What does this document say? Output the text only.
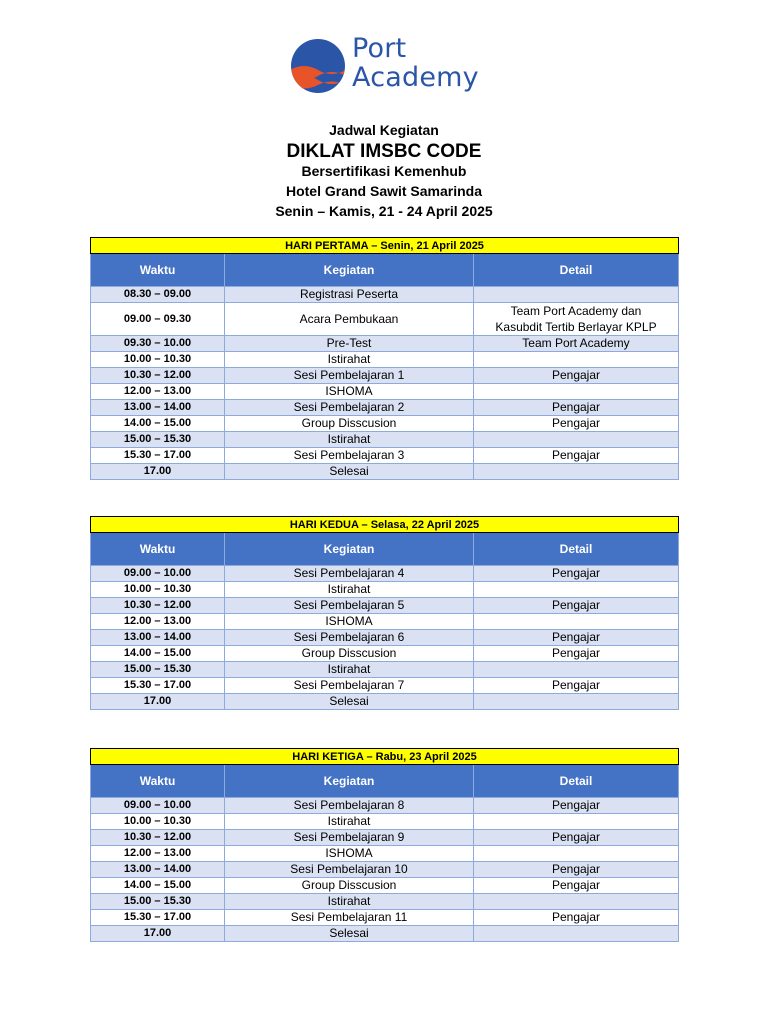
Port
Academy
Jadwal Kegiatan
DIKLAT IMSBC CODE
Bersertifikasi Kemenhub
Hotel Grand Sawit Samarinda
Senin – Kamis, 21 - 24 April 2025
HARI PERTAMA – Senin, 21 April 2025		
Waktu	Kegiatan	Detail
08.30 – 09.00	Registrasi Peserta	
09.00 – 09.30	Acara Pembukaan	Team Port Academy dan
Kasubdit Tertib Berlayar KPLP

09.30 – 10.00	Pre-Test	Team Port Academy
10.00 – 10.30	Istirahat	
10.30 – 12.00	Sesi Pembelajaran 1	Pengajar
12.00 – 13.00	ISHOMA	
13.00 – 14.00	Sesi Pembelajaran 2	Pengajar
14.00 – 15.00	Group Disscusion	Pengajar
15.00 – 15.30	Istirahat	
15.30 – 17.00	Sesi Pembelajaran 3	Pengajar
17.00	Selesai	
HARI KEDUA – Selasa, 22 April 2025		
Waktu	Kegiatan	Detail
09.00 – 10.00	Sesi Pembelajaran 4	Pengajar
10.00 – 10.30	Istirahat	
10.30 – 12.00	Sesi Pembelajaran 5	Pengajar
12.00 – 13.00	ISHOMA	
13.00 – 14.00	Sesi Pembelajaran 6	Pengajar
14.00 – 15.00	Group Disscusion	Pengajar
15.00 – 15.30	Istirahat	
15.30 – 17.00	Sesi Pembelajaran 7	Pengajar
17.00	Selesai	
HARI KETIGA – Rabu, 23 April 2025		
Waktu	Kegiatan	Detail
09.00 – 10.00	Sesi Pembelajaran 8	Pengajar
10.00 – 10.30	Istirahat	
10.30 – 12.00	Sesi Pembelajaran 9	Pengajar
12.00 – 13.00	ISHOMA	
13.00 – 14.00	Sesi Pembelajaran 10	Pengajar
14.00 – 15.00	Group Disscusion	Pengajar
15.00 – 15.30	Istirahat	
15.30 – 17.00	Sesi Pembelajaran 11	Pengajar
17.00	Selesai	
